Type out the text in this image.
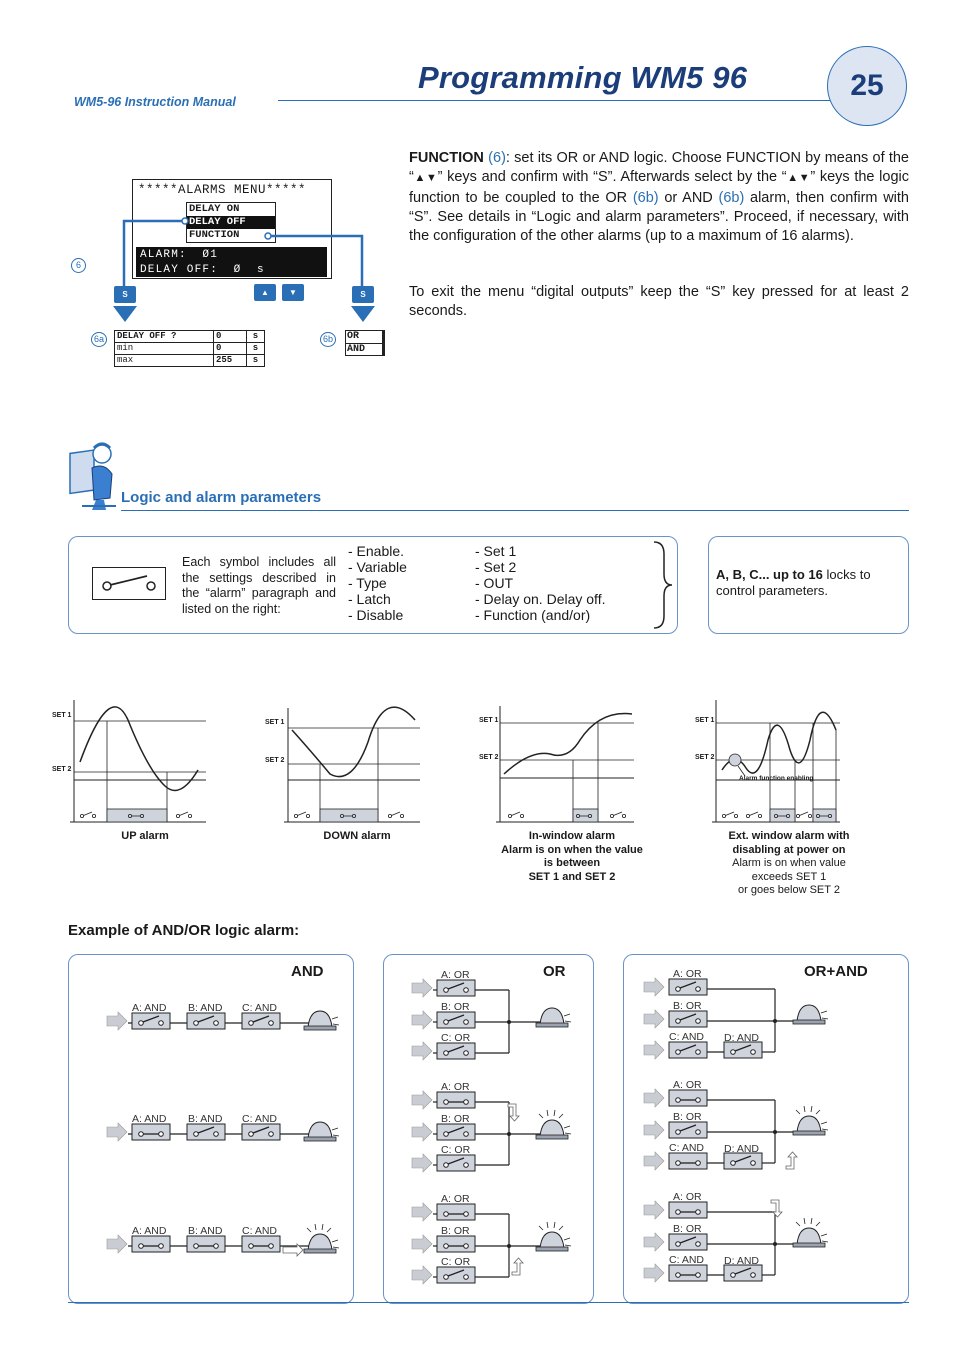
Programming WM5 96
WM5-96 Instruction Manual	25
FUNCTION (6): set its OR or AND logic. Choose FUNCTION by means of the “▲▼” keys and confirm with “S”. Afterwards select by the “▲▼” keys the logic function to be coupled to the OR (6b) or AND (6b) alarm, then confirm with “S”. See details in “Logic and alarm parameters”. Proceed, if necessary, with the configuration of the other alarms (up to a maximum of 16 alarms).
To exit the menu “digital outputs” keep the “S” key pressed for at least 2 seconds.
*****ALARMS MENU*****
DELAY ON
DELAY OFF
FUNCTION
ALARM:  Ø1
DELAY OFF:  Ø  s
6
S	▲	▼	S
6a	6b
DELAY OFF ?	0	s
min	0	s
max	255	s
OR
AND
Logic and alarm parameters
Each symbol includes all the settings described in the “alarm” paragraph and listed on the right:
- Enable.
- Variable
- Type
- Latch
- Disable
- Set 1
- Set 2
- OUT
- Delay on. Delay off.
- Function (and/or)
A, B, C... up to 16 locks to control parameters.
SET 1
SET 2
SET 1
SET 2
SET 1
SET 2
SET 1
SET 2
Alarm function enabling
UP alarm	DOWN alarm	In-window alarm
Alarm is on when the value
is between
SET 1 and SET 2
Ext. window alarm with
disabling at power on
Alarm is on when value
exceeds SET 1
or goes below SET 2
Example of AND/OR logic alarm:
AND	OR	OR+AND
A: AND B: AND C: AND
A: AND B: AND C: AND
A: AND B: AND C: AND
A: OR
B: OR
C: OR
A: OR
B: OR
C: OR
A: OR
B: OR
C: OR
A: OR
B: OR
C: AND D: AND
A: OR
B: OR
C: AND D: AND
A: OR
B: OR
C: AND D: AND
